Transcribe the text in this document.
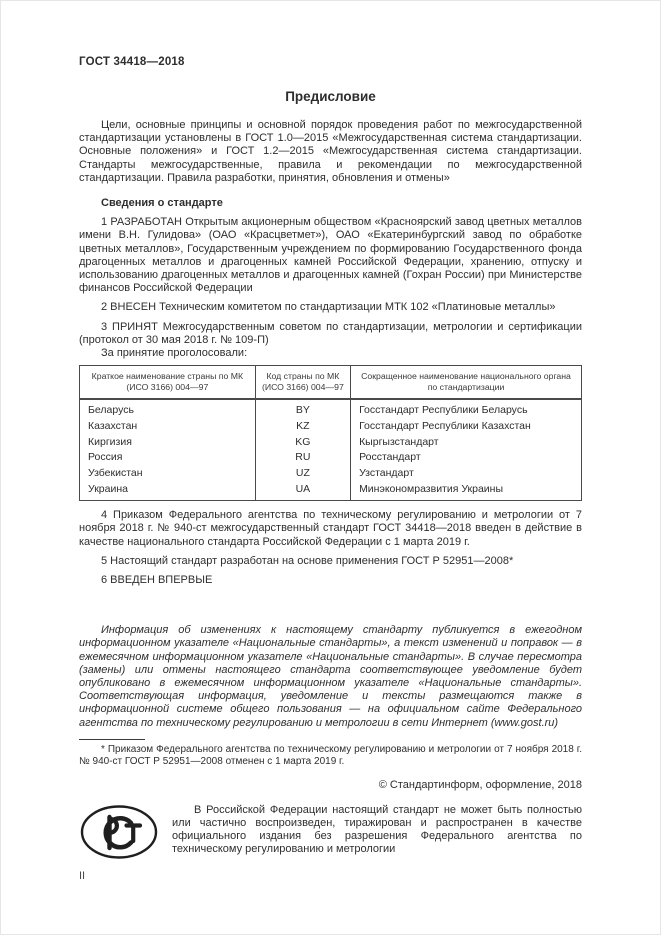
ГОСТ 34418—2018
Предисловие

Цели, основные принципы и основной порядок проведения работ по межгосударственной стандартизации установлены в ГОСТ 1.0—2015 «Межгосударственная система стандартизации. Основные положения» и ГОСТ 1.2—2015 «Межгосударственная система стандартизации. Стандарты межгосударственные, правила и рекомендации по межгосударственной стандартизации. Правила разработки, принятия, обновления и отмены»

Сведения о стандарте

1 РАЗРАБОТАН Открытым акционерным обществом «Красноярский завод цветных металлов имени В.Н. Гулидова» (ОАО «Красцветмет»), ОАО «Екатеринбургский завод по обработке цветных металлов», Государственным учреждением по формированию Государственного фонда драгоценных металлов и драгоценных камней Российской Федерации, хранению, отпуску и использованию драгоценных металлов и драгоценных камней (Гохран России) при Министерстве финансов Российской Федерации

2 ВНЕСЕН Техническим комитетом по стандартизации МТК 102 «Платиновые металлы»

3 ПРИНЯТ Межгосударственным советом по стандартизации, метрологии и сертификации (протокол от 30 мая 2018 г. № 109-П)

За принятие проголосовали:

Краткое наименование страны по МК (ИСО 3166) 004—97	Код страны по МК (ИСО 3166) 004—97	Сокращенное наименование национального органа по стандартизации
Беларусь	BY	Госстандарт Республики Беларусь
Казахстан	KZ	Госстандарт Республики Казахстан
Киргизия	KG	Кыргызстандарт
Россия	RU	Росстандарт
Узбекистан	UZ	Узстандарт
Украина	UA	Минэкономразвития Украины

4 Приказом Федерального агентства по техническому регулированию и метрологии от 7 ноября 2018 г. № 940-ст межгосударственный стандарт ГОСТ 34418—2018 введен в действие в качестве национального стандарта Российской Федерации с 1 марта 2019 г.

5 Настоящий стандарт разработан на основе применения ГОСТ Р 52951—2008*

6 ВВЕДЕН ВПЕРВЫЕ

Информация об изменениях к настоящему стандарту публикуется в ежегодном информационном указателе «Национальные стандарты», а текст изменений и поправок — в ежемесячном информационном указателе «Национальные стандарты». В случае пересмотра (замены) или отмены настоящего стандарта соответствующее уведомление будет опубликовано в ежемесячном информационном указателе «Национальные стандарты». Соответствующая информация, уведомление и тексты размещаются также в информационной системе общего пользования — на официальном сайте Федерального агентства по техническому регулированию и метрологии в сети Интернет (www.gost.ru)

* Приказом Федерального агентства по техническому регулированию и метрологии от 7 ноября 2018 г. № 940-ст ГОСТ Р 52951—2008 отменен с 1 марта 2019 г.

© Стандартинформ, оформление, 2018

В Российской Федерации настоящий стандарт не может быть полностью или частично воспроизведен, тиражирован и распространен в качестве официального издания без разрешения Федерального агентства по техническому регулированию и метрологии

II
